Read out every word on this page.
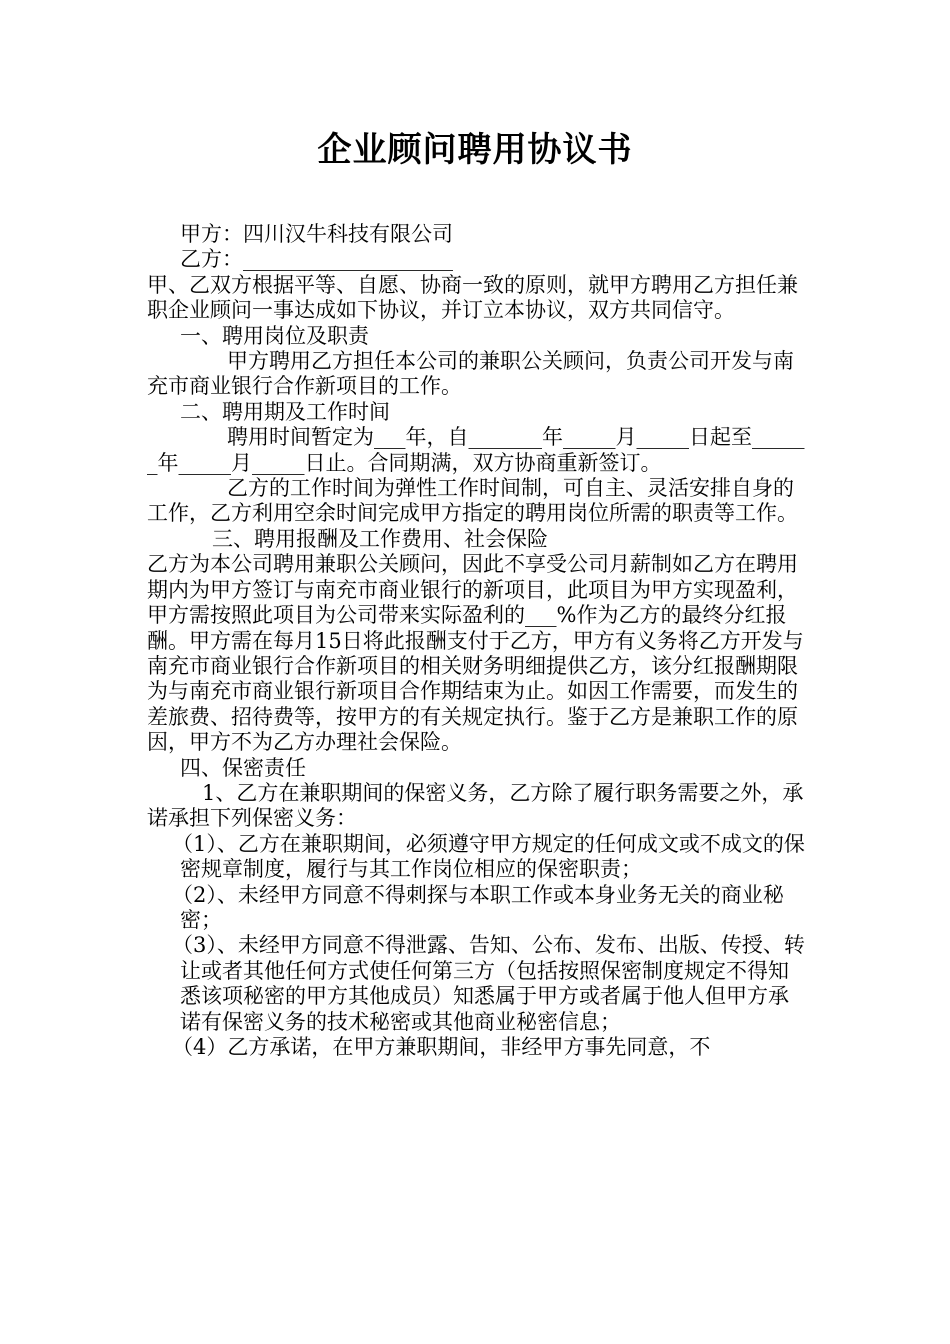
企业顾问聘用协议书

甲方：四川汉牛科技有限公司

乙方：____________________

甲、乙双方根据平等、自愿、协商一致的原则，就甲方聘用乙方担任兼职企业顾问一事达成如下协议，并订立本协议，双方共同信守。

一、聘用岗位及职责

甲方聘用乙方担任本公司的兼职公关顾问，负责公司开发与南充市商业银行合作新项目的工作。

二、聘用期及工作时间

聘用时间暂定为___年，自_______年_____月_____日起至______年_____月_____日止。合同期满，双方协商重新签订。

乙方的工作时间为弹性工作时间制，可自主、灵活安排自身的工作，乙方利用空余时间完成甲方指定的聘用岗位所需的职责等工作。

三、聘用报酬及工作费用、社会保险

乙方为本公司聘用兼职公关顾问，因此不享受公司月薪制如乙方在聘用期内为甲方签订与南充市商业银行的新项目，此项目为甲方实现盈利，甲方需按照此项目为公司带来实际盈利的___%作为乙方的最终分红报酬。甲方需在每月15日将此报酬支付于乙方，甲方有义务将乙方开发与南充市商业银行合作新项目的相关财务明细提供乙方，该分红报酬期限为与南充市商业银行新项目合作期结束为止。如因工作需要，而发生的差旅费、招待费等，按甲方的有关规定执行。鉴于乙方是兼职工作的原因，甲方不为乙方办理社会保险。

四、保密责任

1、乙方在兼职期间的保密义务，乙方除了履行职务需要之外，承诺承担下列保密义务：

（1）、乙方在兼职期间，必须遵守甲方规定的任何成文或不成文的保密规章制度，履行与其工作岗位相应的保密职责；

（2）、未经甲方同意不得刺探与本职工作或本身业务无关的商业秘密；

（3）、未经甲方同意不得泄露、告知、公布、发布、出版、传授、转让或者其他任何方式使任何第三方（包括按照保密制度规定不得知悉该项秘密的甲方其他成员）知悉属于甲方或者属于他人但甲方承诺有保密义务的技术秘密或其他商业秘密信息；

（4）乙方承诺，在甲方兼职期间，非经甲方事先同意，不
